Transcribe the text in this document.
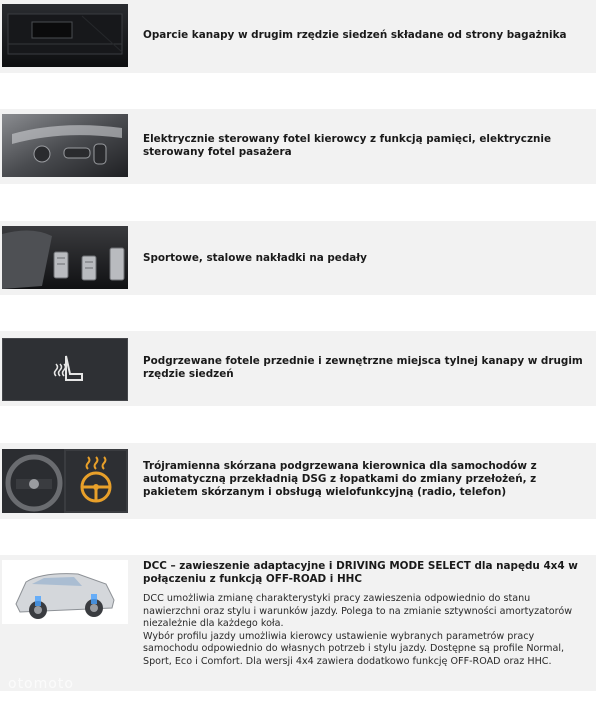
Oparcie kanapy w drugim rzędzie siedzeń składane od strony bagażnika
Elektrycznie sterowany fotel kierowcy z funkcją pamięci, elektrycznie sterowany fotel pasażera
Sportowe, stalowe nakładki na pedały
Podgrzewane fotele przednie i zewnętrzne miejsca tylnej kanapy w drugim rzędzie siedzeń
Trójramienna skórzana podgrzewana kierownica dla samochodów z automatyczną przekładnią DSG z łopatkami do zmiany przełożeń, z pakietem skórzanym i obsługą wielofunkcyjną (radio, telefon)
DCC – zawieszenie adaptacyjne i DRIVING MODE SELECT dla napędu 4x4 w połączeniu z funkcją OFF-ROAD i HHC
DCC umożliwia zmianę charakterystyki pracy zawieszenia odpowiednio do stanu nawierzchni oraz stylu i warunków jazdy. Polega to na zmianie sztywności amortyzatorów niezależnie dla każdego koła.
Wybór profilu jazdy umożliwia kierowcy ustawienie wybranych parametrów pracy samochodu odpowiednio do własnych potrzeb i stylu jazdy. Dostępne są profile Normal, Sport, Eco i Comfort. Dla wersji 4x4 zawiera dodatkowo funkcję OFF-ROAD oraz HHC.
otomoto
